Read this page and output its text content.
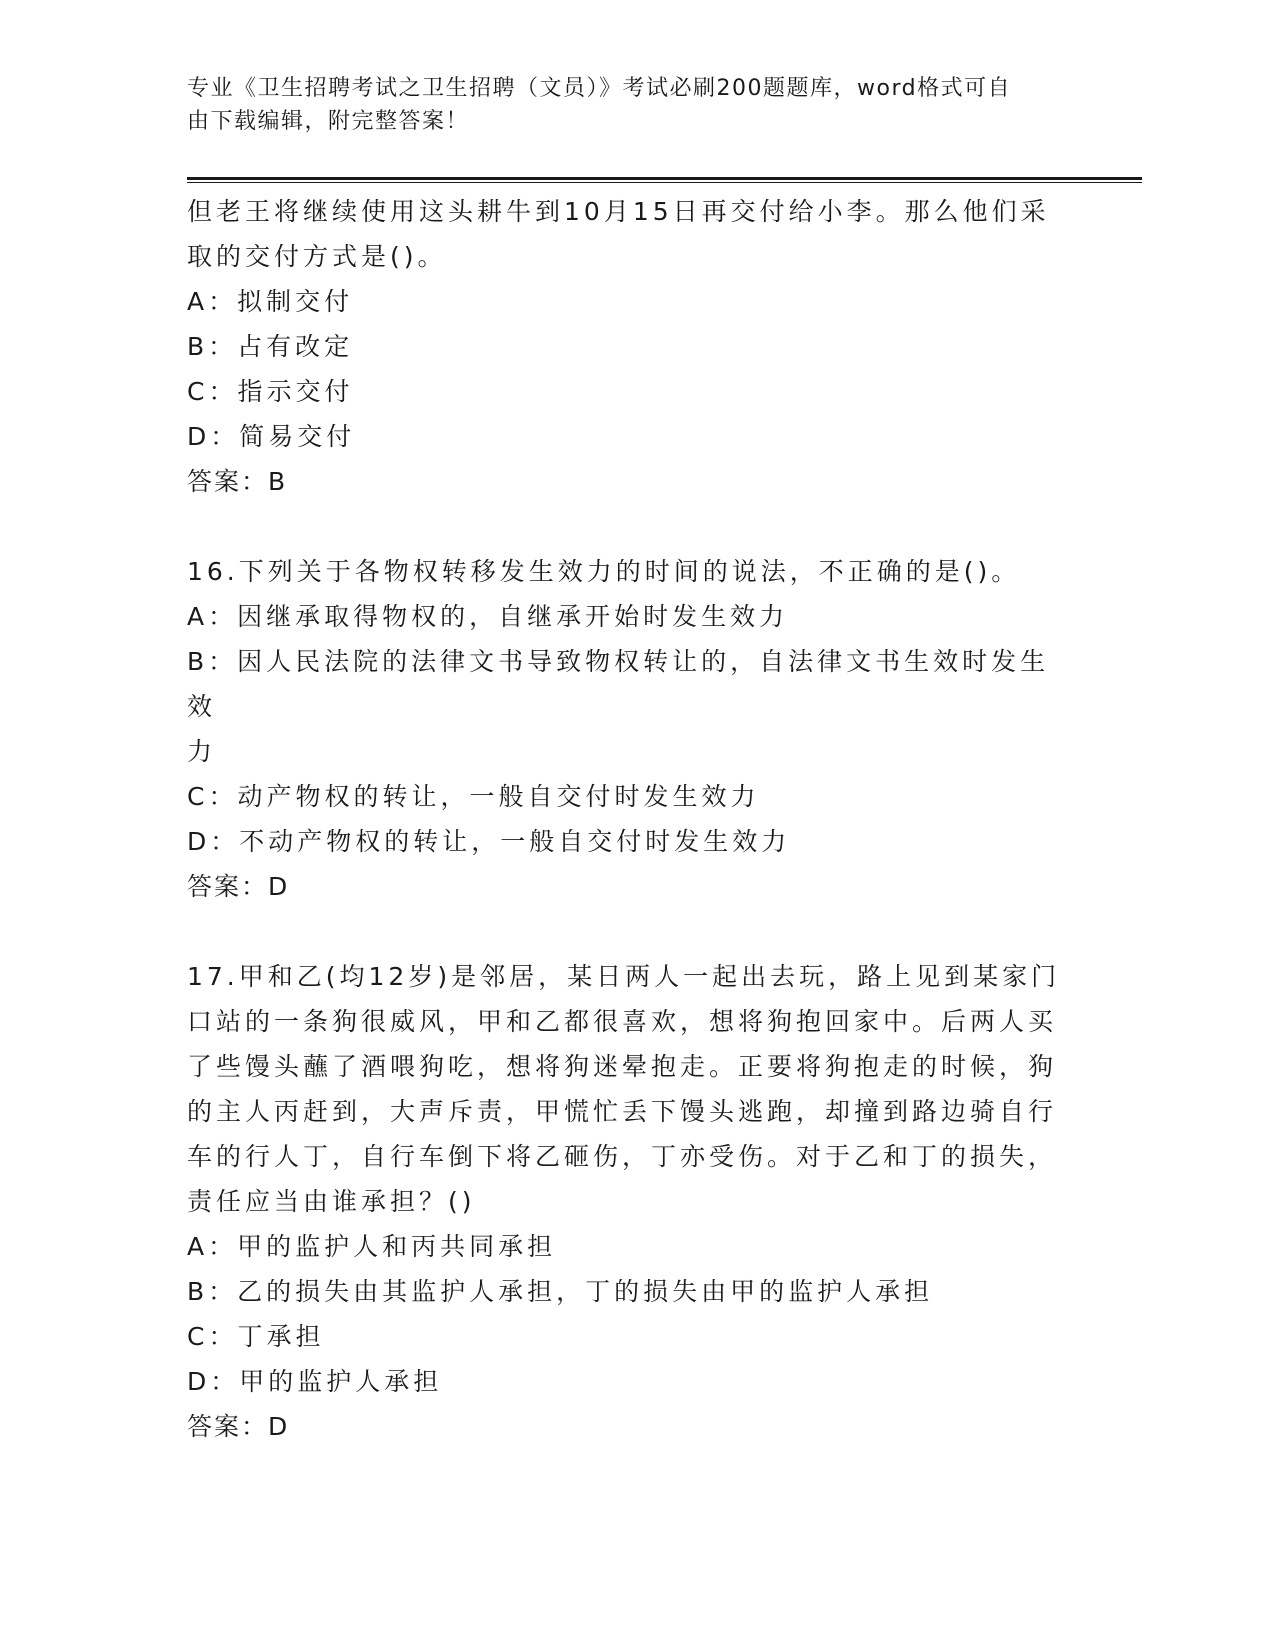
专业《卫生招聘考试之卫生招聘（文员）》考试必刷200题题库，word格式可自
由下载编辑，附完整答案！

但老王将继续使用这头耕牛到10月15日再交付给小李。那么他们采

取的交付方式是()。

A：拟制交付

B：占有改定

C：指示交付

D：简易交付

答案：B

16.下列关于各物权转移发生效力的时间的说法，不正确的是()。

A：因继承取得物权的，自继承开始时发生效力

B：因人民法院的法律文书导致物权转让的，自法律文书生效时发生效

力

C：动产物权的转让，一般自交付时发生效力

D：不动产物权的转让，一般自交付时发生效力

答案：D

17.甲和乙(均12岁)是邻居，某日两人一起出去玩，路上见到某家门

口站的一条狗很威风，甲和乙都很喜欢，想将狗抱回家中。后两人买

了些馒头蘸了酒喂狗吃，想将狗迷晕抱走。正要将狗抱走的时候，狗

的主人丙赶到，大声斥责，甲慌忙丢下馒头逃跑，却撞到路边骑自行

车的行人丁，自行车倒下将乙砸伤，丁亦受伤。对于乙和丁的损失，

责任应当由谁承担？()

A：甲的监护人和丙共同承担

B：乙的损失由其监护人承担，丁的损失由甲的监护人承担

C：丁承担

D：甲的监护人承担

答案：D
